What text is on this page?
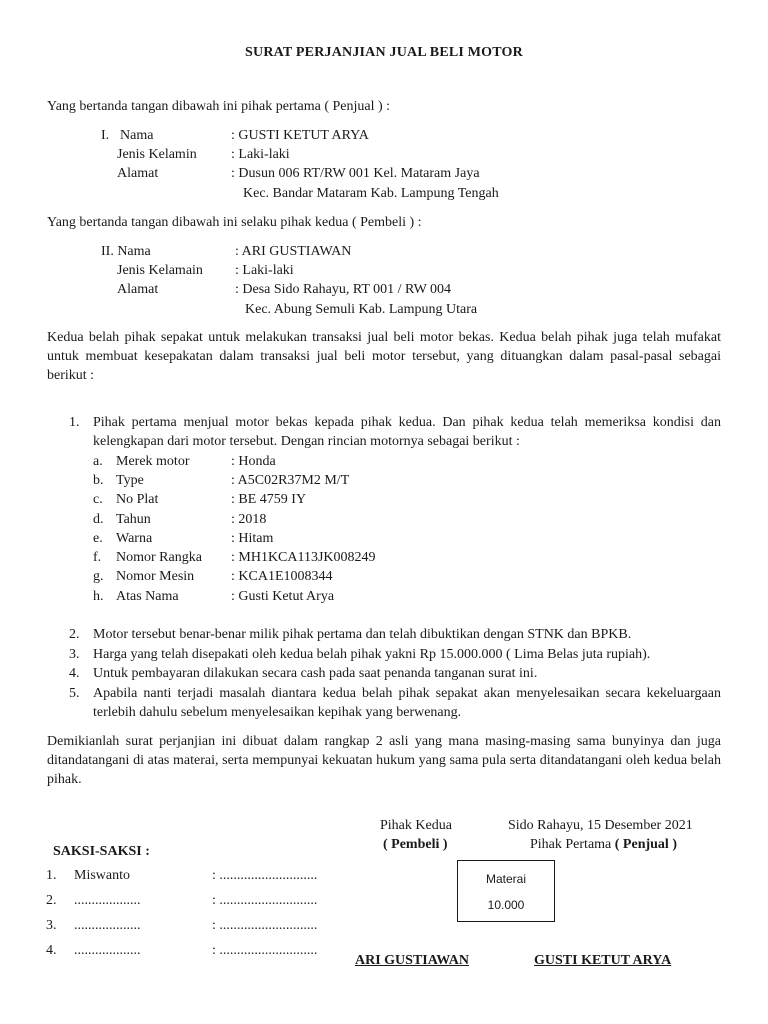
SURAT PERJANJIAN JUAL BELI MOTOR
Yang bertanda tangan dibawah ini pihak pertama ( Penjual ) :
I. Nama	: GUSTI KETUT ARYA
Jenis Kelamin : Laki-laki
Alamat	: Dusun 006 RT/RW 001 Kel. Mataram Jaya
Kec. Bandar Mataram Kab. Lampung Tengah
Yang bertanda tangan dibawah ini selaku pihak kedua ( Pembeli ) :
II. Nama	: ARI GUSTIAWAN
Jenis Kelamain : Laki-laki
Alamat	: Desa Sido Rahayu, RT 001 / RW 004
Kec. Abung Semuli Kab. Lampung Utara
Kedua belah pihak sepakat untuk melakukan transaksi jual beli motor bekas. Kedua belah pihak juga telah mufakat untuk membuat kesepakatan dalam transaksi jual beli motor tersebut, yang dituangkan dalam pasal-pasal sebagai berikut :
1. Pihak pertama menjual motor bekas kepada pihak kedua. Dan pihak kedua telah memeriksa kondisi dan kelengkapan dari motor tersebut. Dengan rincian motornya sebagai berikut :
a. Merek motor	: Honda
b. Type	: A5C02R37M2 M/T
c. No Plat	: BE 4759 IY
d. Tahun	: 2018
e. Warna	: Hitam
f. Nomor Rangka : MH1KCA113JK008249
g. Nomor Mesin	: KCA1E1008344
h. Atas Nama	: Gusti Ketut Arya
2. Motor tersebut benar-benar milik pihak pertama dan telah dibuktikan dengan STNK dan BPKB.
3. Harga yang telah disepakati oleh kedua belah pihak yakni Rp 15.000.000 ( Lima Belas juta rupiah).
4. Untuk pembayaran dilakukan secara cash pada saat penanda tanganan surat ini.
5. Apabila nanti terjadi masalah diantara kedua belah pihak sepakat akan menyelesaikan secara kekeluargaan terlebih dahulu sebelum menyelesaikan kepihak yang berwenang.
Demikianlah surat perjanjian ini dibuat dalam rangkap 2 asli yang mana masing-masing sama bunyinya dan juga ditandatangani di atas materai, serta mempunyai kekuatan hukum yang sama pula serta ditandatangani oleh kedua belah pihak.
Pihak Kedua
( Pembeli )
Sido Rahayu, 15 Desember 2021
Pihak Pertama ( Penjual )
Materai
10.000
ARI GUSTIAWAN	GUSTI KETUT ARYA
SAKSI-SAKSI :
1. Miswanto	: ............................
2. ...................	: ............................
3. ...................	: ............................
4. ...................	: ............................
